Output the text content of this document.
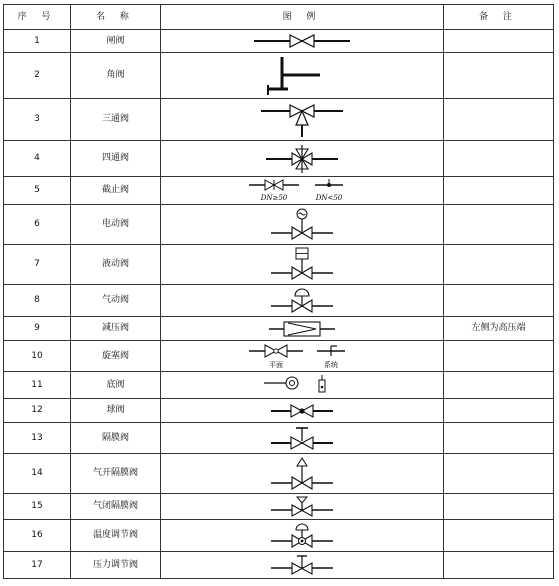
序 号	名 称	图 例	备 注
1	闸阀	

2	角阀	

3	三通阀	

4	四通阀	

5	截止阀	DN≥50 DN<50	

6	电动阀	

7	液动阀	

8	气动阀	

9	减压阀		左侧为高压端
10	旋塞阀	平面 系统	

11	底阀	

12	球阀	

13	隔膜阀	

14	气开隔膜阀	

15	气闭隔膜阀	

16	温度调节阀	

17	压力调节阀	
